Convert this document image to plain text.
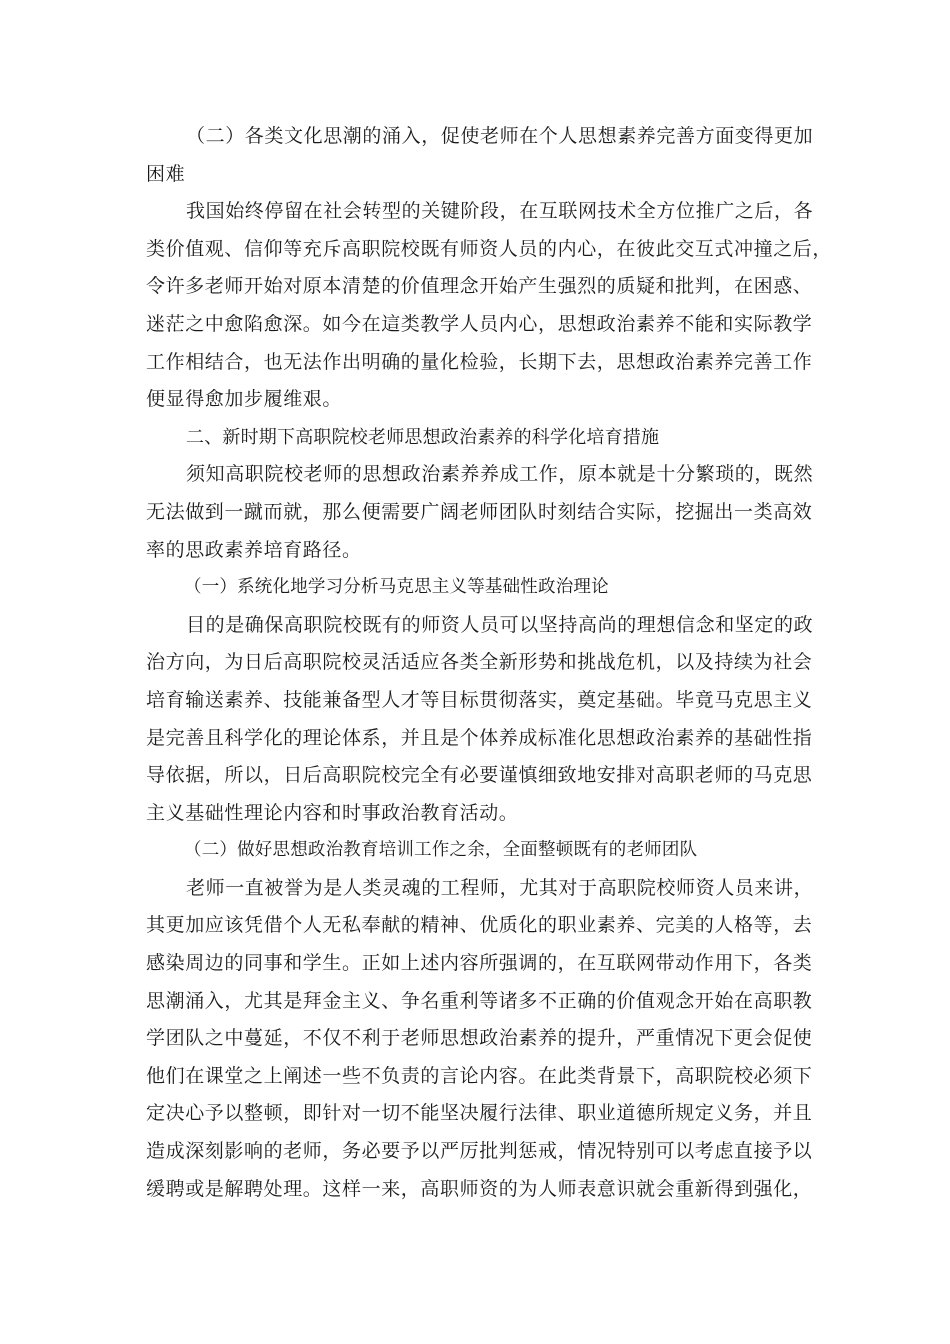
（二）各类文化思潮的涌入，促使老师在个人思想素养完善方面变得更加
困难
我国始终停留在社会转型的关键阶段，在互联网技术全方位推广之后，各
类价值观、信仰等充斥高职院校既有师资人员的内心，在彼此交互式冲撞之后，
令许多老师开始对原本清楚的价值理念开始产生强烈的质疑和批判，在困惑、
迷茫之中愈陷愈深。如今在這类教学人员内心，思想政治素养不能和实际教学
工作相结合，也无法作出明确的量化检验，长期下去，思想政治素养完善工作
便显得愈加步履维艰。
二、新时期下高职院校老师思想政治素养的科学化培育措施
须知高职院校老师的思想政治素养养成工作，原本就是十分繁琐的，既然
无法做到一蹴而就，那么便需要广阔老师团队时刻结合实际，挖掘出一类高效
率的思政素养培育路径。
（一）系统化地学习分析马克思主义等基础性政治理论
目的是确保高职院校既有的师资人员可以坚持高尚的理想信念和坚定的政
治方向，为日后高职院校灵活适应各类全新形势和挑战危机，以及持续为社会
培育输送素养、技能兼备型人才等目标贯彻落实，奠定基础。毕竟马克思主义
是完善且科学化的理论体系，并且是个体养成标准化思想政治素养的基础性指
导依据，所以，日后高职院校完全有必要谨慎细致地安排对高职老师的马克思
主义基础性理论内容和时事政治教育活动。
（二）做好思想政治教育培训工作之余，全面整顿既有的老师团队
老师一直被誉为是人类灵魂的工程师，尤其对于高职院校师资人员来讲，
其更加应该凭借个人无私奉献的精神、优质化的职业素养、完美的人格等，去
感染周边的同事和学生。正如上述内容所强调的，在互联网带动作用下，各类
思潮涌入，尤其是拜金主义、争名重利等诸多不正确的价值观念开始在高职教
学团队之中蔓延，不仅不利于老师思想政治素养的提升，严重情况下更会促使
他们在课堂之上阐述一些不负责的言论内容。在此类背景下，高职院校必须下
定决心予以整顿，即针对一切不能坚决履行法律、职业道德所规定义务，并且
造成深刻影响的老师，务必要予以严厉批判惩戒，情况特别可以考虑直接予以
缓聘或是解聘处理。这样一来，高职师资的为人师表意识就会重新得到强化，
